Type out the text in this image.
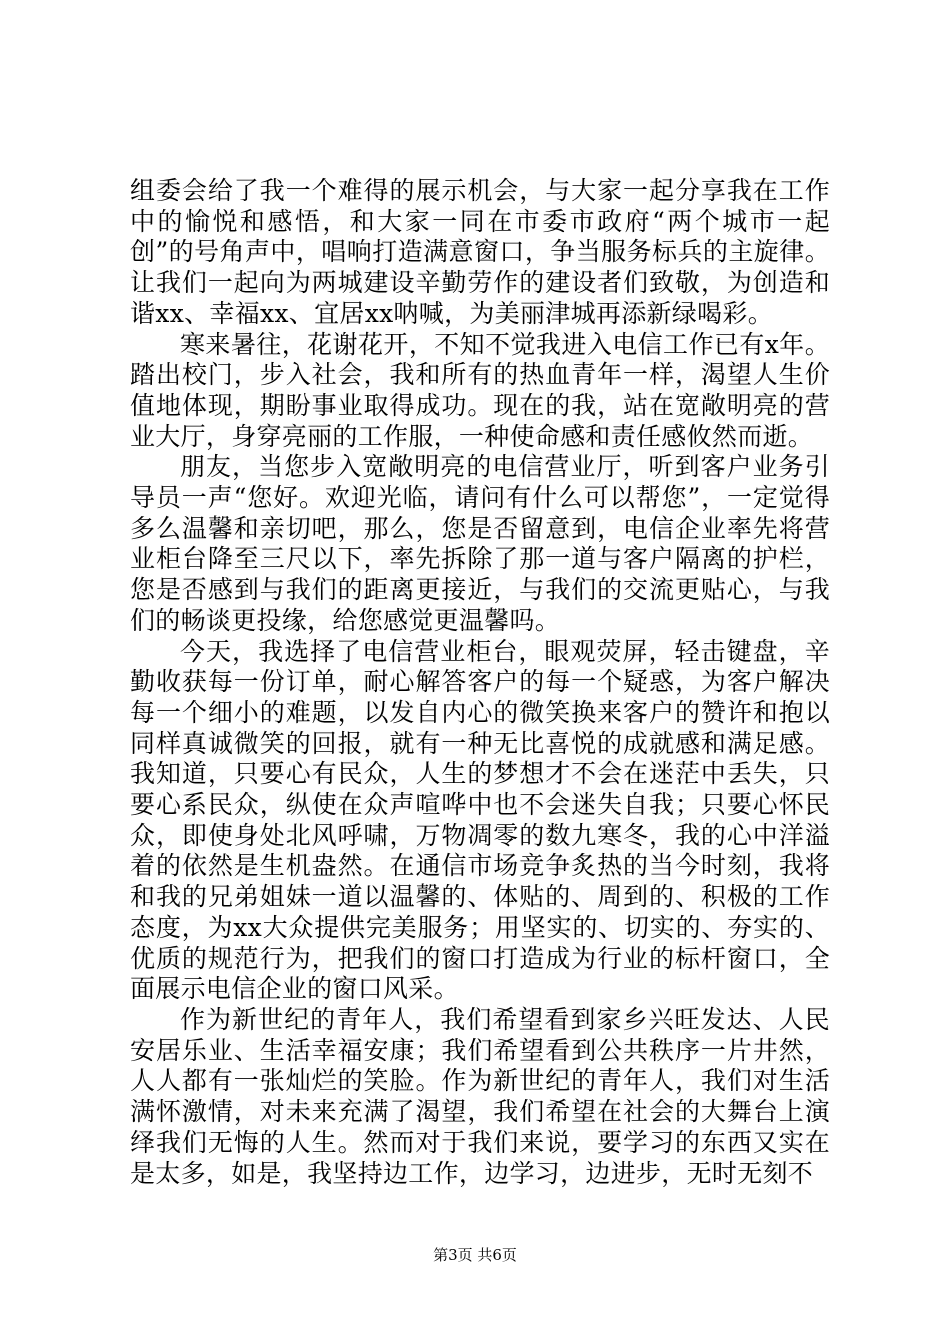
组委会给了我一个难得的展示机会，与大家一起分享我在工作中的愉悦和感悟，和大家一同在市委市政府“两个城市一起创”的号角声中，唱响打造满意窗口，争当服务标兵的主旋律。让我们一起向为两城建设辛勤劳作的建设者们致敬，为创造和谐xx、幸福xx、宜居xx呐喊，为美丽津城再添新绿喝彩。

寒来暑往，花谢花开，不知不觉我进入电信工作已有x年。踏出校门，步入社会，我和所有的热血青年一样，渴望人生价值地体现，期盼事业取得成功。现在的我，站在宽敞明亮的营业大厅，身穿亮丽的工作服，一种使命感和责任感攸然而逝。

朋友，当您步入宽敞明亮的电信营业厅，听到客户业务引导员一声“您好。欢迎光临，请问有什么可以帮您”，一定觉得多么温馨和亲切吧，那么，您是否留意到，电信企业率先将营业柜台降至三尺以下，率先拆除了那一道与客户隔离的护栏，您是否感到与我们的距离更接近，与我们的交流更贴心，与我们的畅谈更投缘，给您感觉更温馨吗。

今天，我选择了电信营业柜台，眼观荧屏，轻击键盘，辛勤收获每一份订单，耐心解答客户的每一个疑惑，为客户解决每一个细小的难题，以发自内心的微笑换来客户的赞许和抱以同样真诚微笑的回报，就有一种无比喜悦的成就感和满足感。我知道，只要心有民众，人生的梦想才不会在迷茫中丢失，只要心系民众，纵使在众声喧哗中也不会迷失自我；只要心怀民众，即使身处北风呼啸，万物凋零的数九寒冬，我的心中洋溢着的依然是生机盎然。在通信市场竞争炙热的当今时刻，我将和我的兄弟姐妹一道以温馨的、体贴的、周到的、积极的工作态度，为xx大众提供完美服务；用坚实的、切实的、夯实的、优质的规范行为，把我们的窗口打造成为行业的标杆窗口，全面展示电信企业的窗口风采。

作为新世纪的青年人，我们希望看到家乡兴旺发达、人民安居乐业、生活幸福安康；我们希望看到公共秩序一片井然，人人都有一张灿烂的笑脸。作为新世纪的青年人，我们对生活满怀激情，对未来充满了渴望，我们希望在社会的大舞台上演绎我们无悔的人生。然而对于我们来说，要学习的东西又实在是太多，如是，我坚持边工作，边学习，边进步，无时无刻不

第3页 共6页
